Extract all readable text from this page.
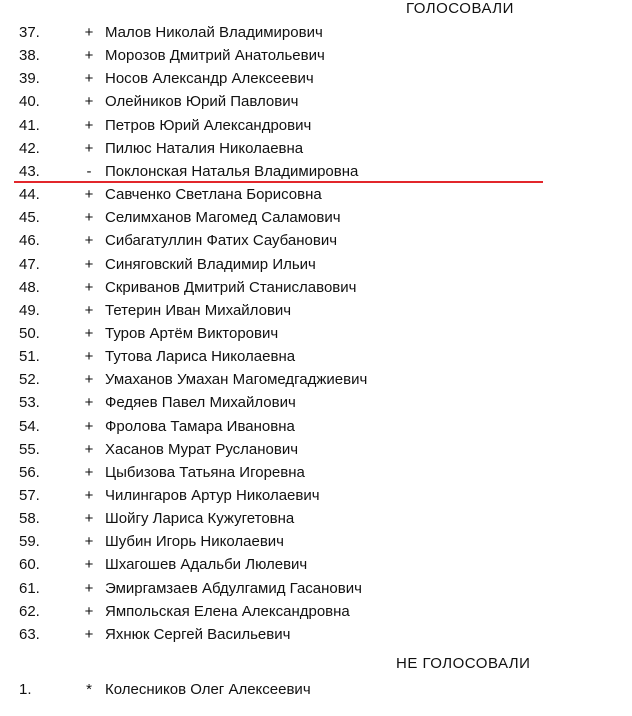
ГОЛОСОВАЛИ
37.	+ Малов Николай Владимирович
38.	+ Морозов Дмитрий Анатольевич
39.	+ Носов Александр Алексеевич
40.	+ Олейников Юрий Павлович
41.	+ Петров Юрий Александрович
42.	+ Пилюс Наталия Николаевна
43.	- Поклонская Наталья Владимировна
44.	+ Савченко Светлана Борисовна
45.	+ Селимханов Магомед Саламович
46.	+ Сибагатуллин Фатих Саубанович
47.	+ Синяговский Владимир Ильич
48.	+ Скриванов Дмитрий Станиславович
49.	+ Тетерин Иван Михайлович
50.	+ Туров Артём Викторович
51.	+ Тутова Лариса Николаевна
52.	+ Умаханов Умахан Магомедгаджиевич
53.	+ Федяев Павел Михайлович
54.	+ Фролова Тамара Ивановна
55.	+ Хасанов Мурат Русланович
56.	+ Цыбизова Татьяна Игоревна
57.	+ Чилингаров Артур Николаевич
58.	+ Шойгу Лариса Кужугетовна
59.	+ Шубин Игорь Николаевич
60.	+ Шхагошев Адальби Люлевич
61.	+ Эмиргамзаев Абдулгамид Гасанович
62.	+ Ямпольская Елена Александровна
63.	+ Яхнюк Сергей Васильевич
НЕ ГОЛОСОВАЛИ
1.	* Колесников Олег Алексеевич
